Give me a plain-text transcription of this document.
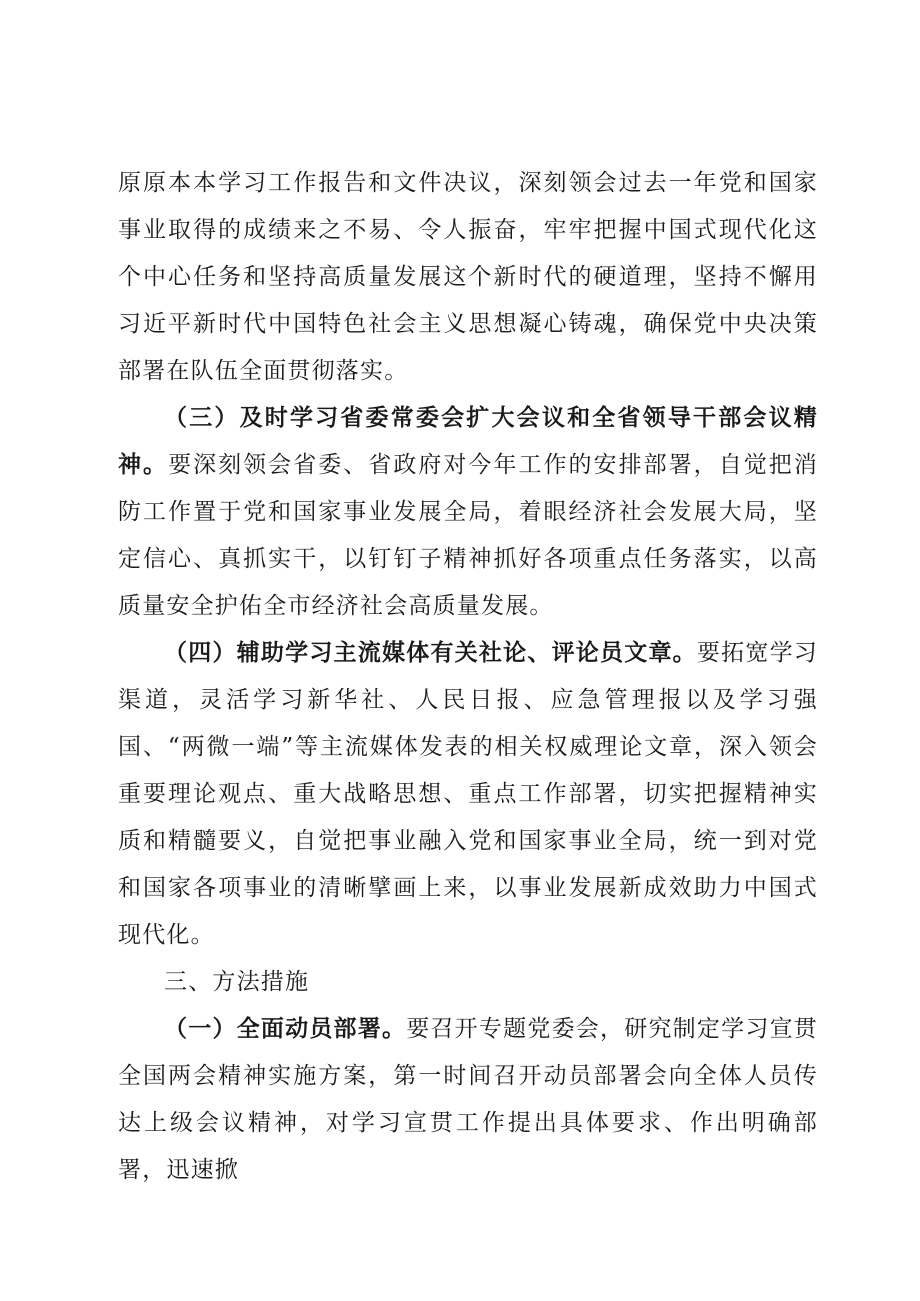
原原本本学习工作报告和文件决议，深刻领会过去一年党和国家事业取得的成绩来之不易、令人振奋，牢牢把握中国式现代化这个中心任务和坚持高质量发展这个新时代的硬道理，坚持不懈用习近平新时代中国特色社会主义思想凝心铸魂，确保党中央决策部署在队伍全面贯彻落实。

（三）及时学习省委常委会扩大会议和全省领导干部会议精神。要深刻领会省委、省政府对今年工作的安排部署，自觉把消防工作置于党和国家事业发展全局，着眼经济社会发展大局，坚定信心、真抓实干，以钉钉子精神抓好各项重点任务落实，以高质量安全护佑全市经济社会高质量发展。

（四）辅助学习主流媒体有关社论、评论员文章。要拓宽学习渠道，灵活学习新华社、人民日报、应急管理报以及学习强国、“两微一端”等主流媒体发表的相关权威理论文章，深入领会重要理论观点、重大战略思想、重点工作部署，切实把握精神实质和精髓要义，自觉把事业融入党和国家事业全局，统一到对党和国家各项事业的清晰擘画上来，以事业发展新成效助力中国式现代化。

三、方法措施

（一）全面动员部署。要召开专题党委会，研究制定学习宣贯全国两会精神实施方案，第一时间召开动员部署会向全体人员传达上级会议精神，对学习宣贯工作提出具体要求、作出明确部署，迅速掀
